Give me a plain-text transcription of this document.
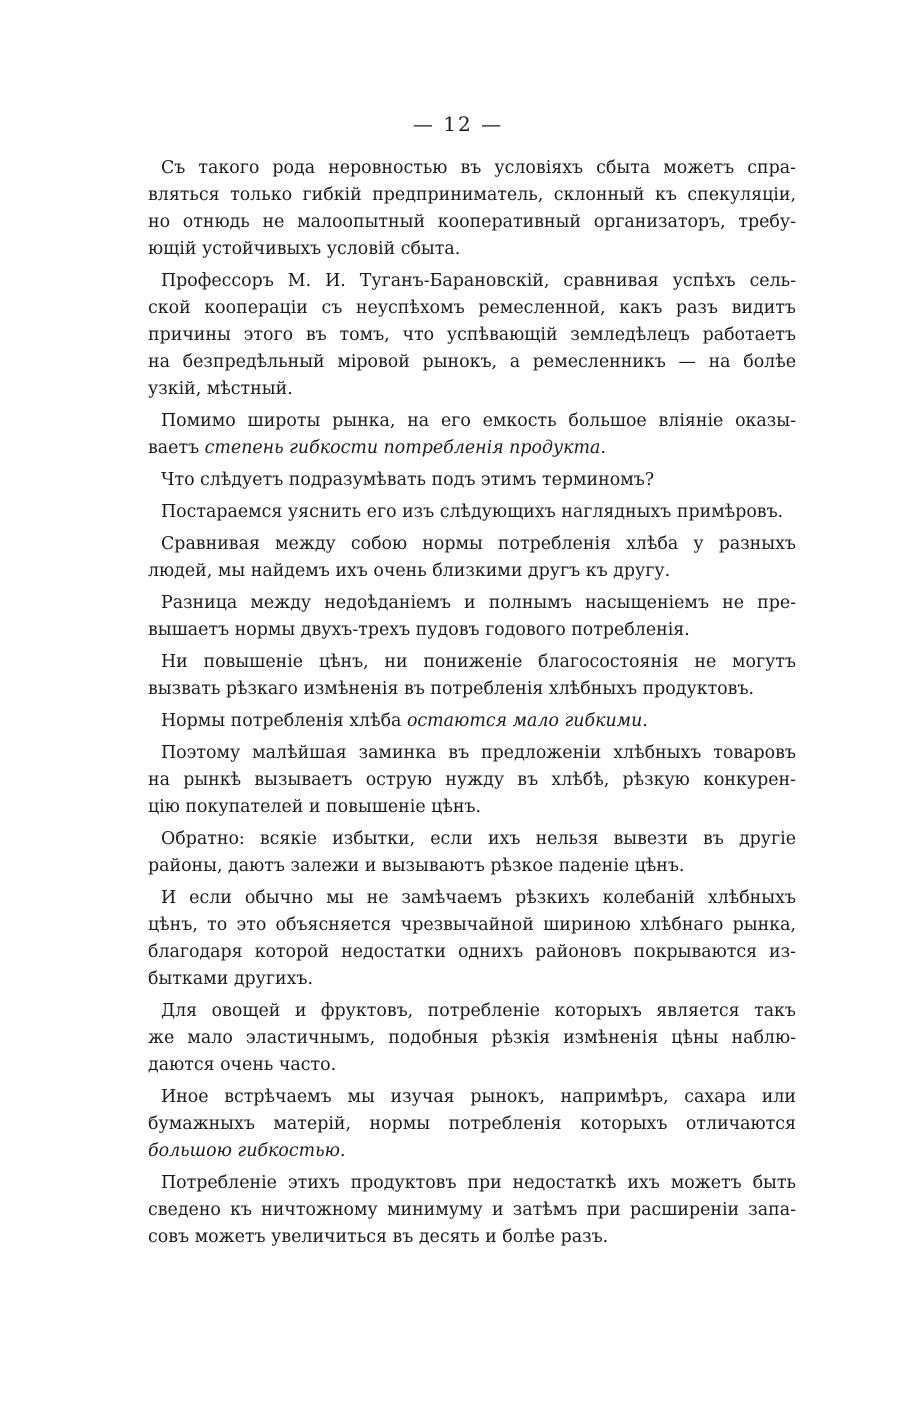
— 12 —
Съ такого рода неровностью въ условіяхъ сбыта можетъ спра-
вляться только гибкій предприниматель, склонный къ спекуляціи,
но отнюдь не малоопытный кооперативный организаторъ, требу-
ющій устойчивыхъ условій сбыта.
Профессоръ М. И. Туганъ-Барановскій, сравнивая успѣхъ сель-
ской коопераціи съ неуспѣхомъ ремесленной, какъ разъ видитъ
причины этого въ томъ, что успѣвающій земледѣлецъ работаетъ
на безпредѣльный міровой рынокъ, а ремесленникъ — на болѣе
узкій, мѣстный.
Помимо широты рынка, на его емкость большое вліяніе оказы-
ваетъ степень гибкости потребленія продукта.
Что слѣдуетъ подразумѣвать подъ этимъ терминомъ?
Постараемся уяснить его изъ слѣдующихъ наглядныхъ примѣровъ.
Сравнивая между собою нормы потребленія хлѣба у разныхъ
людей, мы найдемъ ихъ очень близкими другъ къ другу.
Разница между недоѣданіемъ и полнымъ насыщеніемъ не пре-
вышаетъ нормы двухъ-трехъ пудовъ годового потребленія.
Ни повышеніе цѣнъ, ни пониженіе благосостоянія не могутъ
вызвать рѣзкаго измѣненія въ потребленія хлѣбныхъ продуктовъ.
Нормы потребленія хлѣба остаются мало гибкими.
Поэтому малѣйшая заминка въ предложеніи хлѣбныхъ товаровъ
на рынкѣ вызываетъ острую нужду въ хлѣбѣ, рѣзкую конкурен-
цію покупателей и повышеніе цѣнъ.
Обратно: всякіе избытки, если ихъ нельзя вывезти въ другіе
районы, даютъ залежи и вызываютъ рѣзкое паденіе цѣнъ.
И если обычно мы не замѣчаемъ рѣзкихъ колебаній хлѣбныхъ
цѣнъ, то это объясняется чрезвычайной шириною хлѣбнаго рынка,
благодаря которой недостатки однихъ районовъ покрываются из-
бытками другихъ.
Для овощей и фруктовъ, потребленіе которыхъ является такъ
же мало эластичнымъ, подобныя рѣзкія измѣненія цѣны наблю-
даются очень часто.
Иное встрѣчаемъ мы изучая рынокъ, напримѣръ, сахара или
бумажныхъ матерій, нормы потребленія которыхъ отличаются
большою гибкостью.
Потребленіе этихъ продуктовъ при недостаткѣ ихъ можетъ быть
сведено къ ничтожному минимуму и затѣмъ при расширеніи запа-
совъ можетъ увеличиться въ десять и болѣе разъ.
